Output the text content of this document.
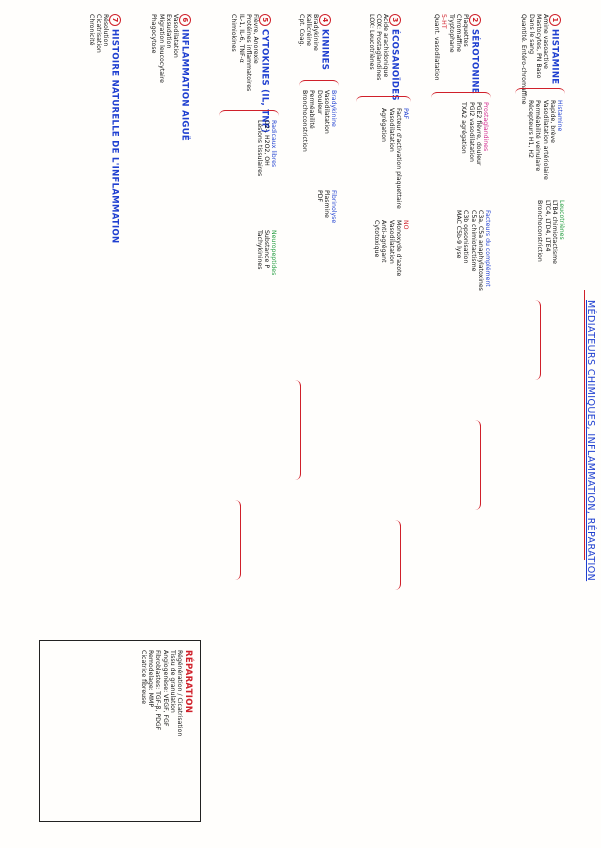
MÉDIATEURS CHIMIQUES, INFLAMMATION, RÉPARATION
1HISTAMINE
Amine vasoactive
Mastocytes, PN Baso
Dans le sang
Quantité. Entéro-chromaffine
Histamine
Rapide, brève
Vasodilatation artériolaire
Perméabilité veinulaire
Récepteurs H1, H2
Leucotriènes
LTB4 chimiotactisme
LTC4, LTD4, LTE4
Bronchoconstriction
2SÉROTONINE
Plaquettes
Chromaffine
Tryptophane
5-HT
Quant. vasodilatation
Prostaglandines
PGE2 fièvre, douleur
PGI2 vasodilatation
TXA2 agrégation
Facteurs du complément
C3a, C5a anaphylatoxines
C5a chimiotactisme
C3b opsonisation
MAC C5b-9 lyse
3ÉCOSANOÏDES
Acide arachidonique
COX: Prostaglandines
LOX: Leucotriènes
PAF
Facteur d'activation plaquettaire
Vasodilatation
Agrégation
NO
Monoxyde d'azote
Vasodilatation
Anti-agrégant
Cytotoxique
4KININES
Bradykinine
Kallicréine
Cpt. Coag.
Bradykinine
Vasodilatation
Douleur
Perméabilité
Bronchoconstriction
Fibrinolyse
Plasmine
PDF
5CYTOKINES (IL, TNF)
Fièvre, Anorexie
Protéines inflammatoires
IL-1, IL-6, TNF-α
Chimiokines
Radicaux libres
O2-, H2O2, OH
Lésions tissulaires
Neuropeptides
Substance P
Tachykinines
6INFLAMMATION AIGUË
Vasodilatation
Exsudation
Migration leucocytaire
Phagocytose
7HISTOIRE NATURELLE DE L'INFLAMMATION
Résolution
Cicatrisation
Chronicité
RÉPARATION
Régénération / Cicatrisation
Tissu de granulation
Angiogenèse: VEGF, FGF
Fibroblastes: TGF-β, PDGF
Remodelage: MMP
Cicatrice fibreuse
